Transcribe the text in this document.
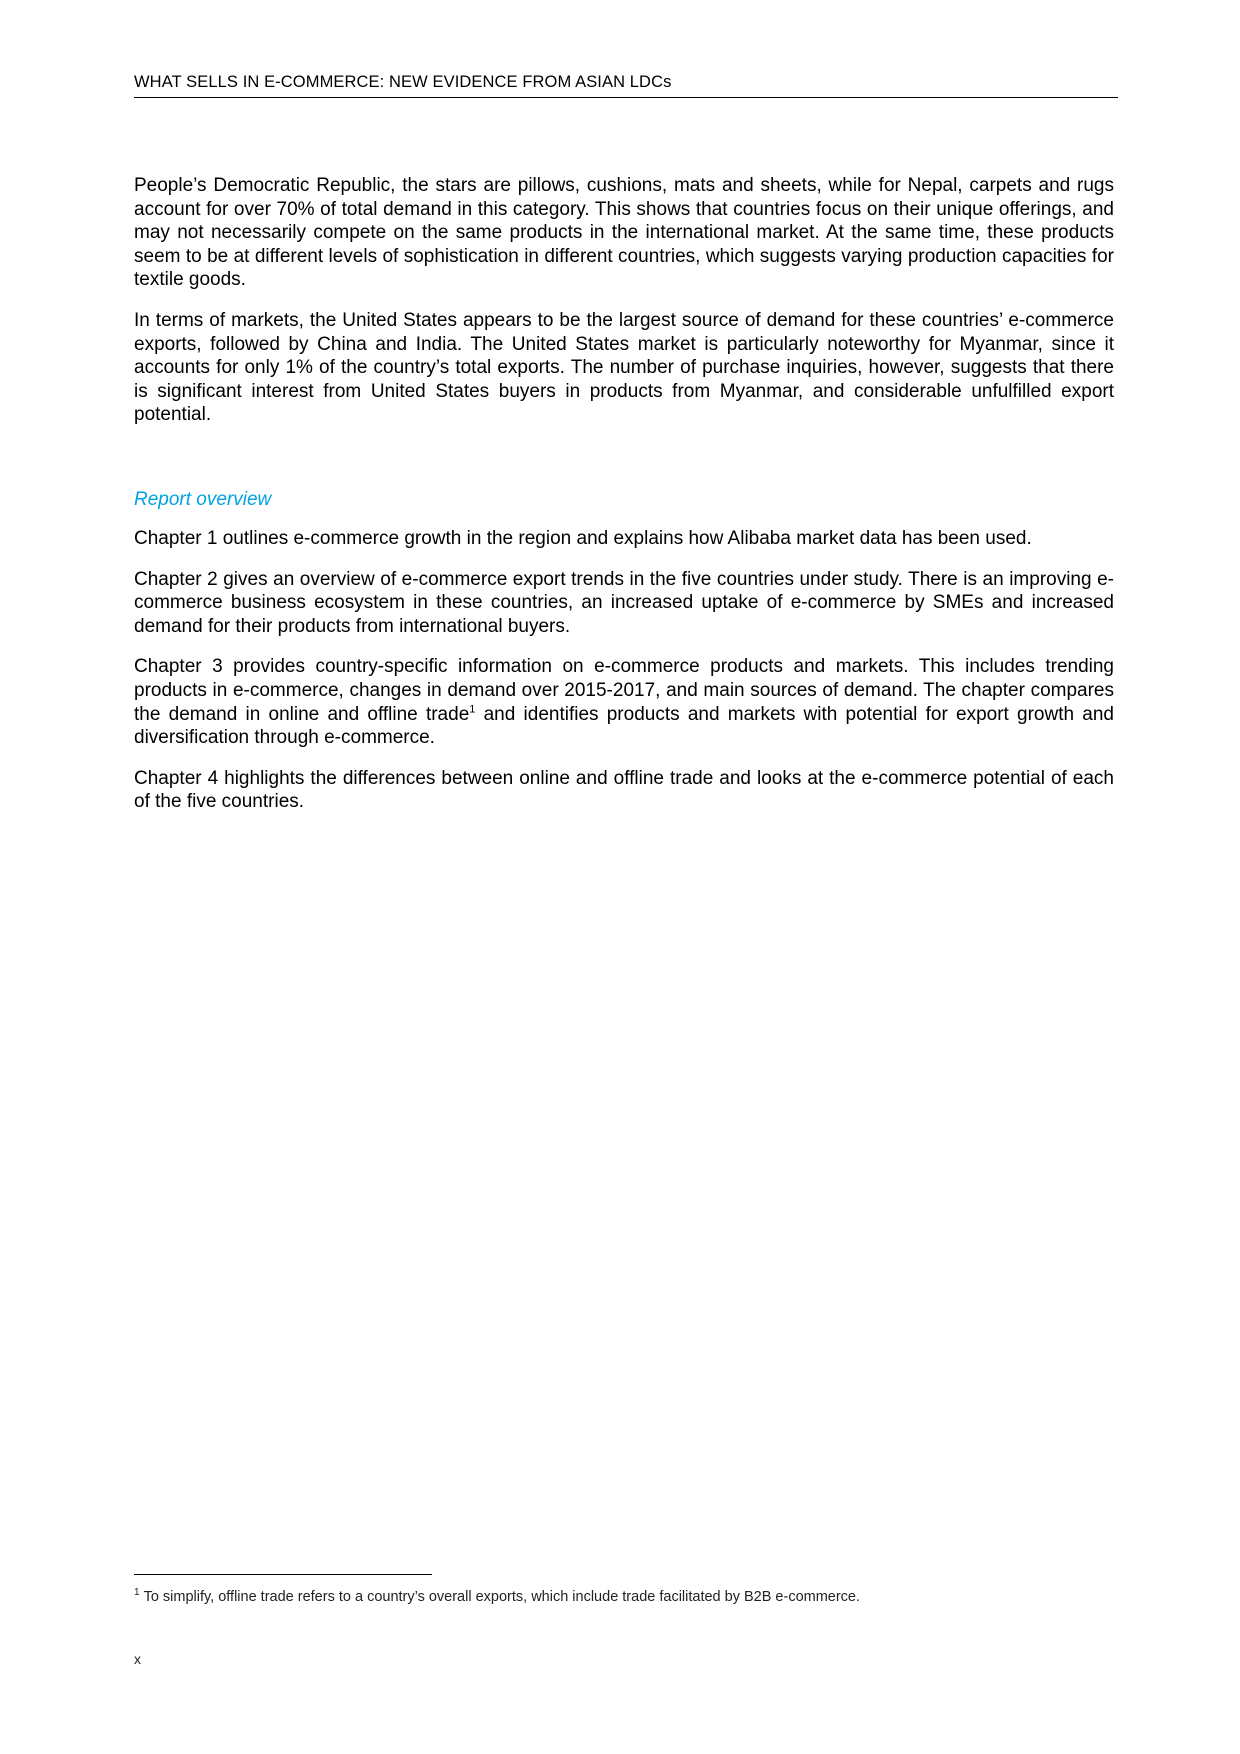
WHAT SELLS IN E-COMMERCE: NEW EVIDENCE FROM ASIAN LDCs

People’s Democratic Republic, the stars are pillows, cushions, mats and sheets, while for Nepal, carpets and rugs account for over 70% of total demand in this category. This shows that countries focus on their unique offerings, and may not necessarily compete on the same products in the international market. At the same time, these products seem to be at different levels of sophistication in different countries, which suggests varying production capacities for textile goods.

In terms of markets, the United States appears to be the largest source of demand for these countries’ e-commerce exports, followed by China and India. The United States market is particularly noteworthy for Myanmar, since it accounts for only 1% of the country’s total exports. The number of purchase inquiries, however, suggests that there is significant interest from United States buyers in products from Myanmar, and considerable unfulfilled export potential.

Report overview

Chapter 1 outlines e-commerce growth in the region and explains how Alibaba market data has been used.

Chapter 2 gives an overview of e-commerce export trends in the five countries under study. There is an improving e-commerce business ecosystem in these countries, an increased uptake of e-commerce by SMEs and increased demand for their products from international buyers.

Chapter 3 provides country-specific information on e-commerce products and markets. This includes trending products in e-commerce, changes in demand over 2015-2017, and main sources of demand. The chapter compares the demand in online and offline trade$^1$ and identifies products and markets with potential for export growth and diversification through e-commerce.

Chapter 4 highlights the differences between online and offline trade and looks at the e-commerce potential of each of the five countries.

$^1$ To simplify, offline trade refers to a country’s overall exports, which include trade facilitated by B2B e-commerce.
x
